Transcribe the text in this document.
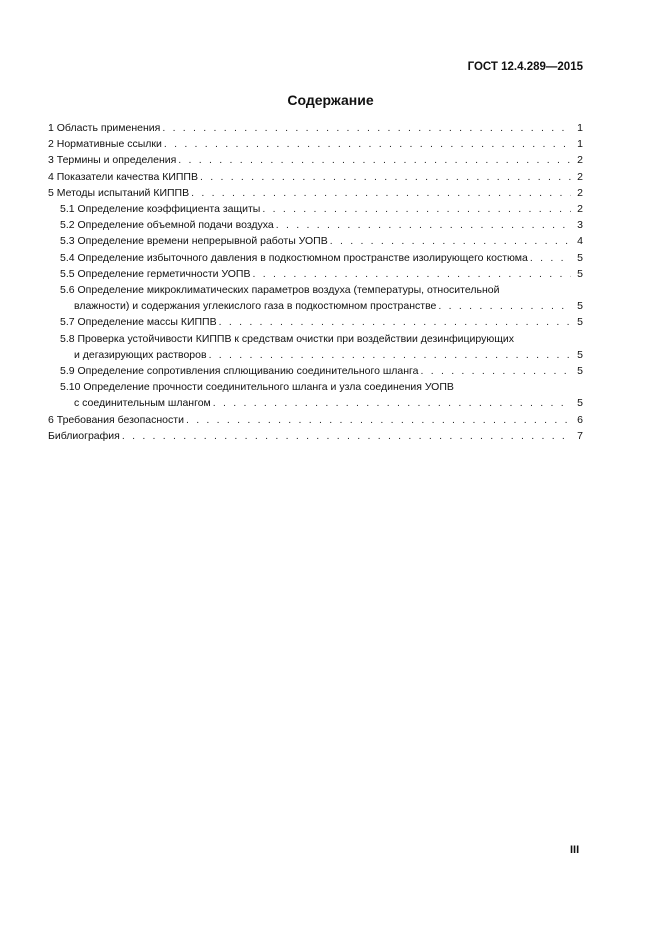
ГОСТ 12.4.289—2015
Содержание
1 Область применения . . .	1
2 Нормативные ссылки . . .	1
3 Термины и определения . . .	2
4 Показатели качества КИППВ . . .	2
5 Методы испытаний КИППВ . . .	2
5.1 Определение коэффициента защиты . . .	2
5.2 Определение объемной подачи воздуха . . .	3
5.3 Определение времени непрерывной работы УОПВ . . .	4
5.4 Определение избыточного давления в подкостюмном пространстве изолирующего костюма . . .	5
5.5 Определение герметичности УОПВ . . .	5
5.6 Определение микроклиматических параметров воздуха (температуры, относительной
влажности) и содержания углекислого газа в подкостюмном пространстве . . .	5
5.7 Определение массы КИППВ . . .	5
5.8 Проверка устойчивости КИППВ к средствам очистки при воздействии дезинфицирующих
и дегазирующих растворов . . .	5
5.9 Определение сопротивления сплющиванию соединительного шланга . . .	5
5.10 Определение прочности соединительного шланга и узла соединения УОПВ
с соединительным шлангом . . .	5
6 Требования безопасности . . .	6
Библиография . . .	7
III
